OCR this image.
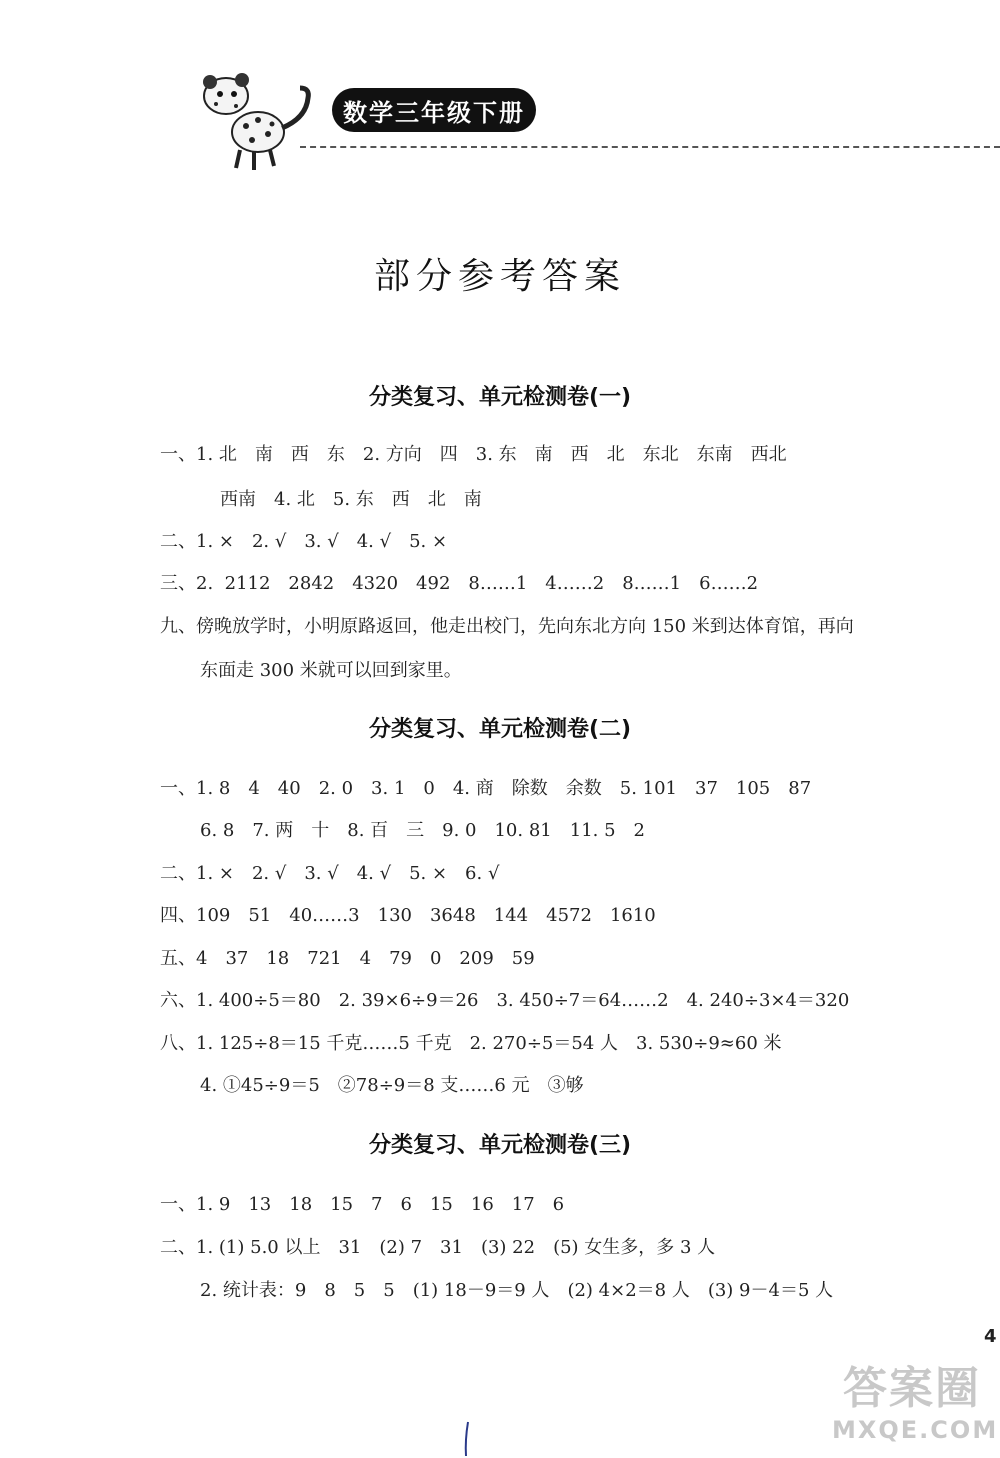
数学三年级下册
部分参考答案
分类复习、单元检测卷(一)
一、1. 北　南　西　东　2. 方向　四　3. 东　南　西　北　东北　东南　西北
西南　4. 北　5. 东　西　北　南
二、1. ×　2. √　3. √　4. √　5. ×
三、2.  2112　2842　4320　492　8……1　4……2　8……1　6……2
九、傍晚放学时，小明原路返回，他走出校门，先向东北方向 150 米到达体育馆，再向
东面走 300 米就可以回到家里。
分类复习、单元检测卷(二)
一、1. 8　4　40　2. 0　3. 1　0　4. 商　除数　余数　5. 101　37　105　87
6. 8　7. 两　十　8. 百　三　9. 0　10. 81　11. 5　2
二、1. ×　2. √　3. √　4. √　5. ×　6. √
四、109　51　40……3　130　3648　144　4572　1610
五、4　37　18　721　4　79　0　209　59
六、1. 400÷5＝80　2. 39×6÷9＝26　3. 450÷7＝64……2　4. 240÷3×4＝320
八、1. 125÷8＝15 千克……5 千克　2. 270÷5＝54 人　3. 530÷9≈60 米
4. ①45÷9＝5　②78÷9＝8 支……6 元　③够
分类复习、单元检测卷(三)
一、1. 9　13　18　15　7　6　15　16　17　6
二、1. (1) 5.0 以上　31　(2) 7　31　(3) 22　(5) 女生多，多 3 人
2. 统计表：9　8　5　5　(1) 18－9＝9 人　(2) 4×2＝8 人　(3) 9－4＝5 人
4
答案圈
MXQE.COM
